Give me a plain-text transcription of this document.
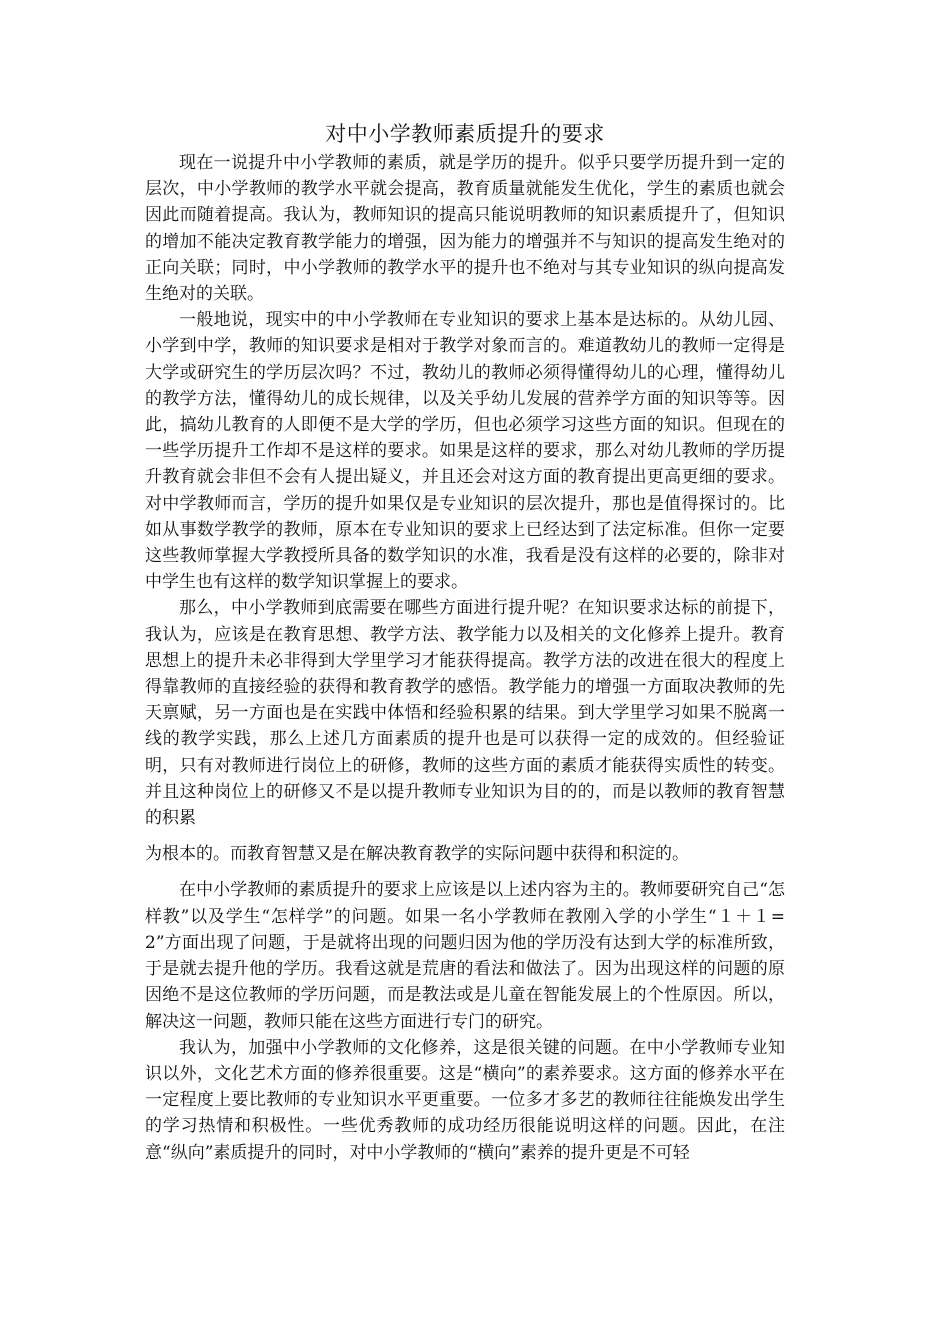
对中小学教师素质提升的要求

现在一说提升中小学教师的素质，就是学历的提升。似乎只要学历提升到一定的层次，中小学教师的教学水平就会提高，教育质量就能发生优化，学生的素质也就会因此而随着提高。我认为，教师知识的提高只能说明教师的知识素质提升了，但知识的增加不能决定教育教学能力的增强，因为能力的增强并不与知识的提高发生绝对的正向关联；同时，中小学教师的教学水平的提升也不绝对与其专业知识的纵向提高发生绝对的关联。

一般地说，现实中的中小学教师在专业知识的要求上基本是达标的。从幼儿园、小学到中学，教师的知识要求是相对于教学对象而言的。难道教幼儿的教师一定得是大学或研究生的学历层次吗？不过，教幼儿的教师必须得懂得幼儿的心理，懂得幼儿的教学方法，懂得幼儿的成长规律，以及关乎幼儿发展的营养学方面的知识等等。因此，搞幼儿教育的人即便不是大学的学历，但也必须学习这些方面的知识。但现在的一些学历提升工作却不是这样的要求。如果是这样的要求，那么对幼儿教师的学历提升教育就会非但不会有人提出疑义，并且还会对这方面的教育提出更高更细的要求。对中学教师而言，学历的提升如果仅是专业知识的层次提升，那也是值得探讨的。比如从事数学教学的教师，原本在专业知识的要求上已经达到了法定标准。但你一定要这些教师掌握大学教授所具备的数学知识的水准，我看是没有这样的必要的，除非对中学生也有这样的数学知识掌握上的要求。

那么，中小学教师到底需要在哪些方面进行提升呢？在知识要求达标的前提下，我认为，应该是在教育思想、教学方法、教学能力以及相关的文化修养上提升。教育思想上的提升未必非得到大学里学习才能获得提高。教学方法的改进在很大的程度上得靠教师的直接经验的获得和教育教学的感悟。教学能力的增强一方面取决教师的先天禀赋，另一方面也是在实践中体悟和经验积累的结果。到大学里学习如果不脱离一线的教学实践，那么上述几方面素质的提升也是可以获得一定的成效的。但经验证明，只有对教师进行岗位上的研修，教师的这些方面的素质才能获得实质性的转变。并且这种岗位上的研修又不是以提升教师专业知识为目的的，而是以教师的教育智慧的积累

为根本的。而教育智慧又是在解决教育教学的实际问题中获得和积淀的。

在中小学教师的素质提升的要求上应该是以上述内容为主的。教师要研究自己“怎样教”以及学生“怎样学”的问题。如果一名小学教师在教刚入学的小学生“１＋１=2”方面出现了问题，于是就将出现的问题归因为他的学历没有达到大学的标准所致，于是就去提升他的学历。我看这就是荒唐的看法和做法了。因为出现这样的问题的原因绝不是这位教师的学历问题，而是教法或是儿童在智能发展上的个性原因。所以，解决这一问题，教师只能在这些方面进行专门的研究。

我认为，加强中小学教师的文化修养，这是很关键的问题。在中小学教师专业知识以外，文化艺术方面的修养很重要。这是“横向”的素养要求。这方面的修养水平在一定程度上要比教师的专业知识水平更重要。一位多才多艺的教师往往能焕发出学生的学习热情和积极性。一些优秀教师的成功经历很能说明这样的问题。因此，在注意“纵向”素质提升的同时，对中小学教师的“横向”素养的提升更是不可轻
